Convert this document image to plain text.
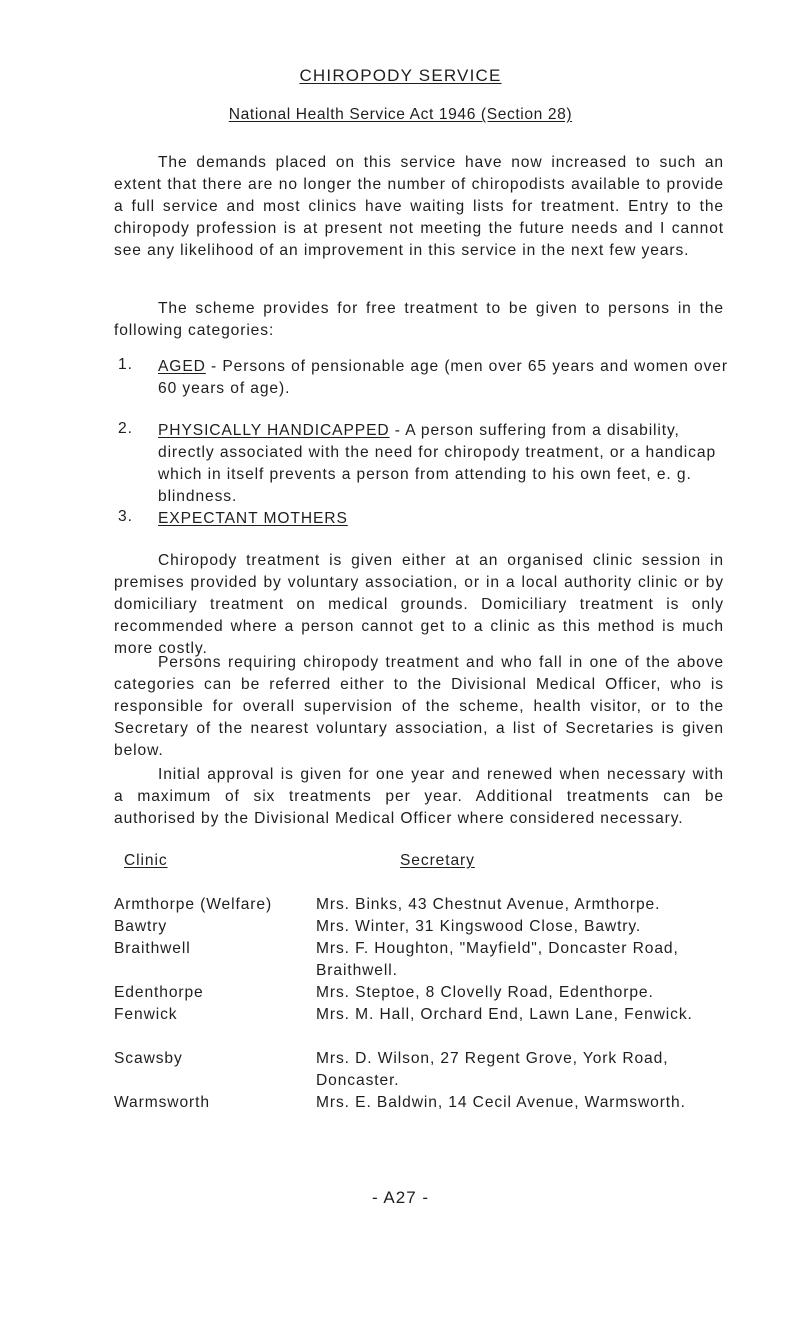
CHIROPODY SERVICE
National Health Service Act 1946 (Section 28)

The demands placed on this service have now increased to such an extent that there are no longer the number of chiropodists available to provide a full service and most clinics have waiting lists for treatment. Entry to the chiropody profession is at present not meeting the future needs and I cannot see any likelihood of an improvement in this service in the next few years.

The scheme provides for free treatment to be given to persons in the following categories:

1. AGED - Persons of pensionable age (men over 65 years and women over 60 years of age).

2. PHYSICALLY HANDICAPPED - A person suffering from a disability, directly associated with the need for chiropody treatment, or a handicap which in itself prevents a person from attending to his own feet, e. g. blindness.

3. EXPECTANT MOTHERS

Chiropody treatment is given either at an organised clinic session in premises provided by voluntary association, or in a local authority clinic or by domiciliary treatment on medical grounds. Domiciliary treatment is only recommended where a person cannot get to a clinic as this method is much more costly.

Persons requiring chiropody treatment and who fall in one of the above categories can be referred either to the Divisional Medical Officer, who is responsible for overall supervision of the scheme, health visitor, or to the Secretary of the nearest voluntary association, a list of Secretaries is given below.

Initial approval is given for one year and renewed when necessary with a maximum of six treatments per year. Additional treatments can be authorised by the Divisional Medical Officer where considered necessary.

Clinic	Secretary
Armthorpe (Welfare)	Mrs. Binks, 43 Chestnut Avenue, Armthorpe.
Bawtry	Mrs. Winter, 31 Kingswood Close, Bawtry.
Braithwell	Mrs. F. Houghton, "Mayfield", Doncaster Road, Braithwell.
Edenthorpe	Mrs. Steptoe, 8 Clovelly Road, Edenthorpe.
Fenwick	Mrs. M. Hall, Orchard End, Lawn Lane, Fenwick.
Scawsby	Mrs. D. Wilson, 27 Regent Grove, York Road, Doncaster.
Warmsworth	Mrs. E. Baldwin, 14 Cecil Avenue, Warmsworth.
- A27 -
